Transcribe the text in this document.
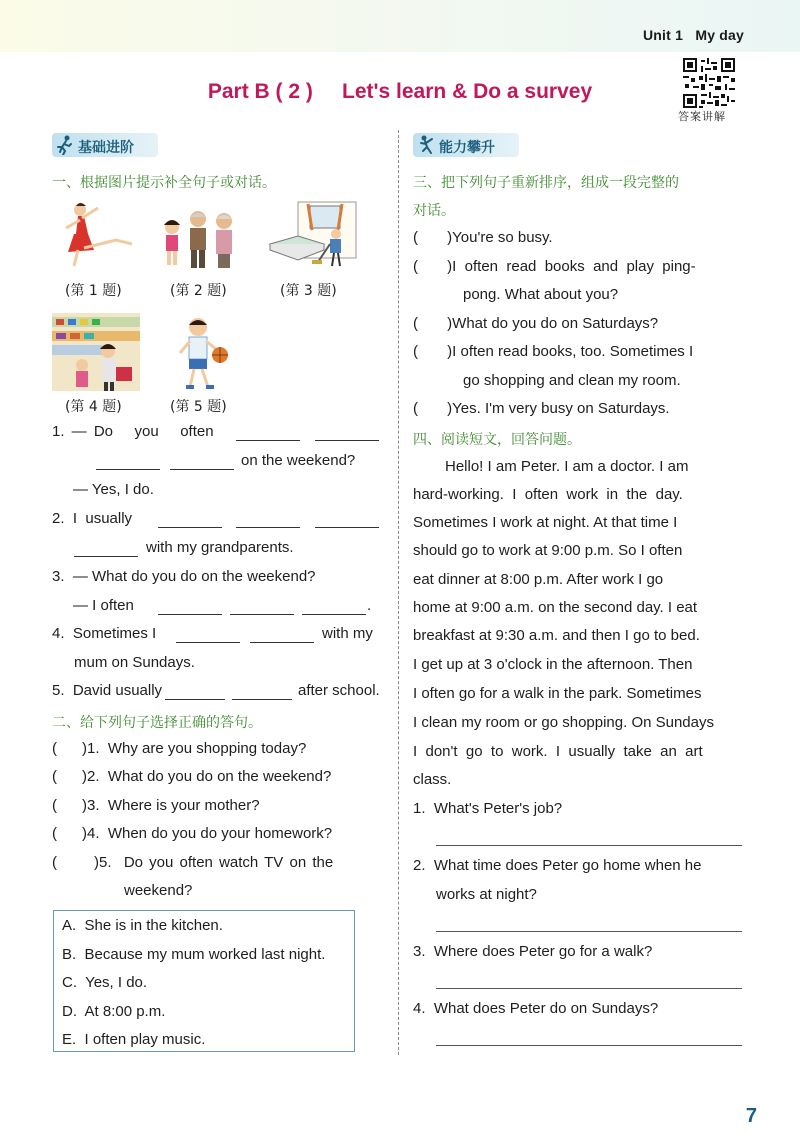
Unit 1   My day
Part B ( 2 )     Let's learn & Do a survey
答案讲解
基础进阶
一、根据图片提示补全句子或对话。
(第 1 题)	(第 2 题)	(第 3 题)
(第 4 题)	(第 5 题)
1. — Do   you   often
on the weekend?
— Yes, I do.
2.  I  usually
with my grandparents.
3.  — What do you do on the weekend?
— I often	.
4.  Sometimes I	with my
mum on Sundays.
5.  David usually	after school.
二、给下列句子选择正确的答句。
(      )1.  Why are you shopping today?
(      )2.  What do you do on the weekend?
(      )3.  Where is your mother?
(      )4.  When do you do your homework?
(      )5.  Do you often watch TV on the
weekend?
A.  She is in the kitchen.
B.  Because my mum worked last night.
C.  Yes, I do.
D.  At 8:00 p.m.
E.  I often play music.
能力攀升
三、把下列句子重新排序，组成一段完整的
对话。
(       )You're so busy.
(       )I  often  read  books  and  play  ping-
pong. What about you?
(       )What do you do on Saturdays?
(       )I often read books, too. Sometimes I
go shopping and clean my room.
(       )Yes. I'm very busy on Saturdays.
四、阅读短文，回答问题。
Hello! I am Peter. I am a doctor. I am
hard-working.  I  often  work  in  the  day.
Sometimes I work at night. At that time I
should go to work at 9:00 p.m. So I often
eat dinner at 8:00 p.m. After work I go
home at 9:00 a.m. on the second day. I eat
breakfast at 9:30 a.m. and then I go to bed.
I get up at 3 o'clock in the afternoon. Then
I often go for a walk in the park. Sometimes
I clean my room or go shopping. On Sundays
I  don't  go  to  work.  I  usually  take  an  art
class.
1.  What's Peter's job?
2.  What time does Peter go home when he
works at night?
3.  Where does Peter go for a walk?
4.  What does Peter do on Sundays?
7
